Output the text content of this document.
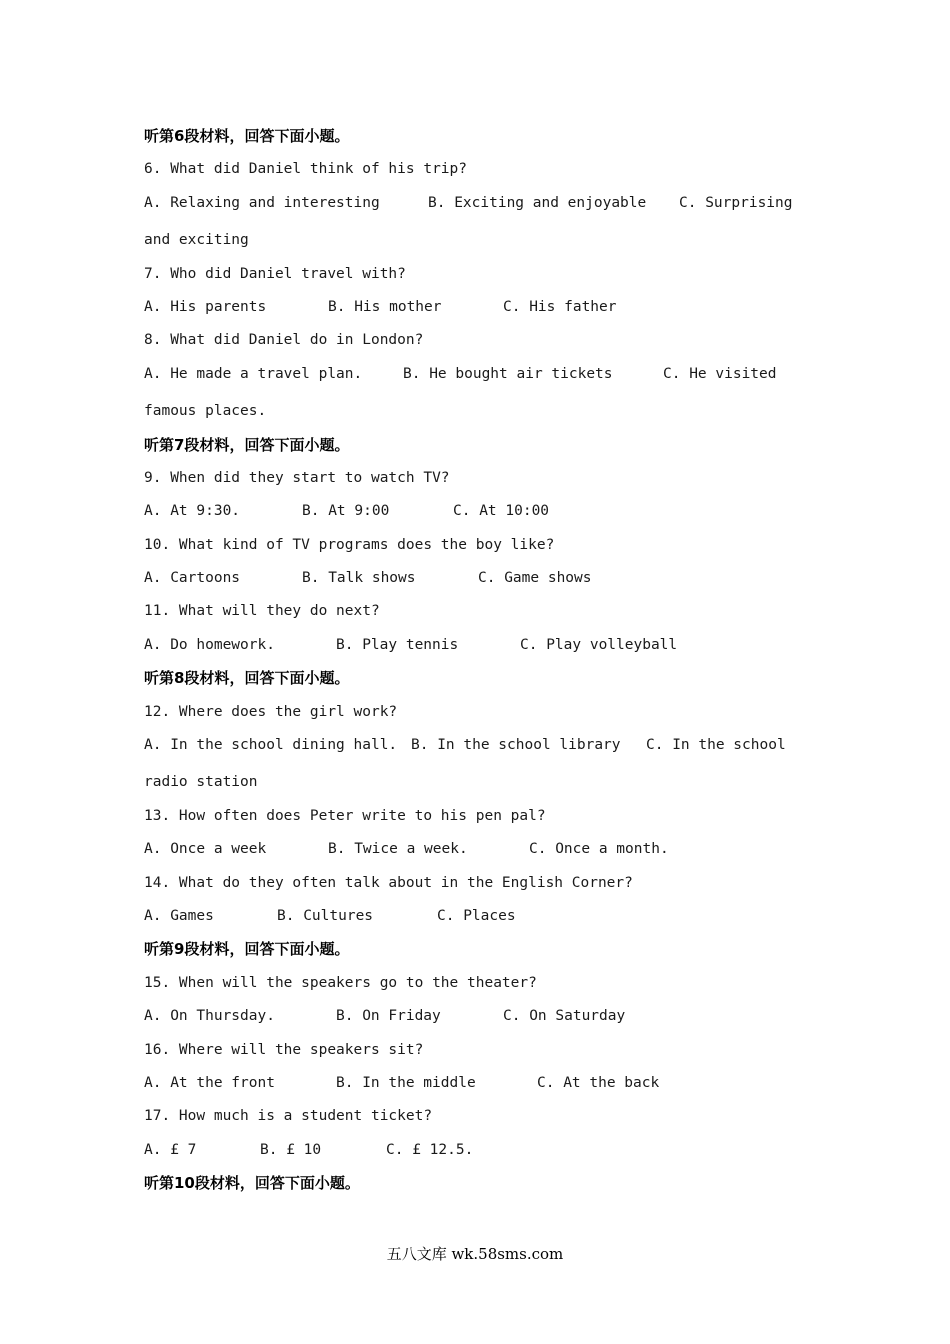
听第6段材料，回答下面小题。
6. What did Daniel think of his trip?
A. Relaxing and interesting	B. Exciting and enjoyable C. Surprising
and exciting
7. Who did Daniel travel with?
A. His parents	B. His mother	C. His father
8. What did Daniel do in London?
A. He made a travel plan.	B. He bought air tickets	C. He visited
famous places.
听第7段材料，回答下面小题。
9. When did they start to watch TV?
A. At 9:30.	B. At 9:00	C. At 10:00
10. What kind of TV programs does the boy like?
A. Cartoons	B. Talk shows	C. Game shows
11. What will they do next?
A. Do homework.	B. Play tennis	C. Play volleyball
听第8段材料，回答下面小题。
12. Where does the girl work?
A. In the school dining hall. B. In the school library C. In the school
radio station
13. How often does Peter write to his pen pal?
A. Once a week	B. Twice a week.	C. Once a month.
14. What do they often talk about in the English Corner?
A. Games	B. Cultures	C. Places
听第9段材料，回答下面小题。
15. When will the speakers go to the theater?
A. On Thursday.	B. On Friday	C. On Saturday
16. Where will the speakers sit?
A. At the front	B. In the middle	C. At the back
17. How much is a student ticket?
A. £ 7	B. £ 10	C. £ 12.5.
听第10段材料，回答下面小题。
五八文库 wk.58sms.com
